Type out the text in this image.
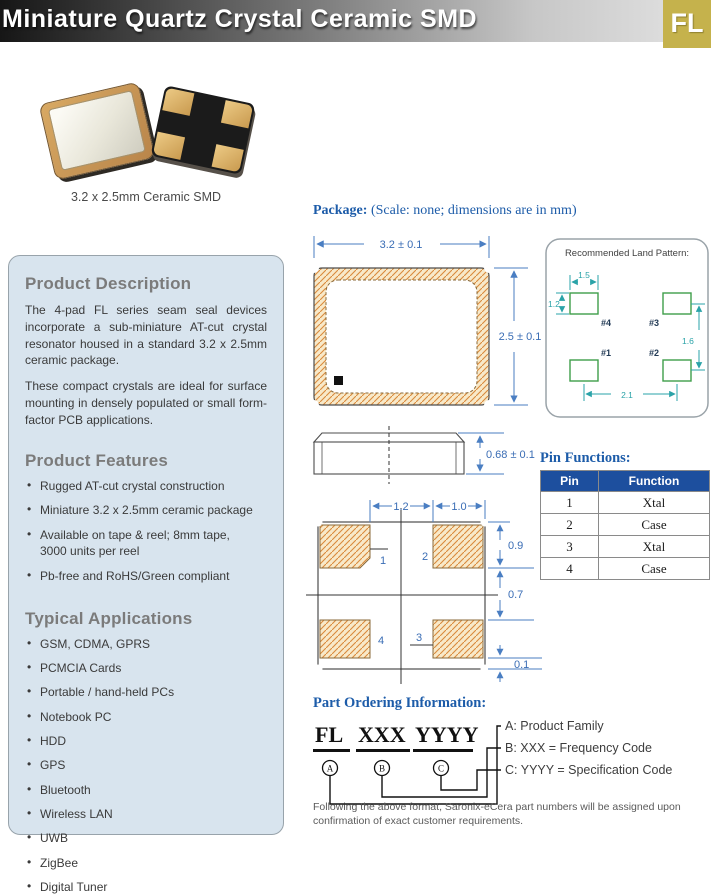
Miniature Quartz Crystal Ceramic SMD	FL
3.2 x 2.5mm Ceramic SMD
Product Description

The 4-pad FL series seam seal devices incorporate a sub-miniature AT-cut crystal resonator housed in a standard 3.2 x 2.5mm ceramic package.

These compact crystals are ideal for surface mounting in densely populated or small form-factor PCB applications.

Product Features
• Rugged AT-cut crystal construction
• Miniature 3.2 x 2.5mm ceramic package
• Available on tape & reel; 8mm tape, 3000 units per reel
• Pb-free and RoHS/Green compliant
Typical Applications
• GSM, CDMA, GPRS
• PCMCIA Cards
• Portable / hand-held PCs
• Notebook PC
• HDD
• GPS
• Bluetooth
• Wireless LAN
• UWB
• ZigBee
• Digital Tuner
Package: (Scale: none; dimensions are in mm)
3.2 ± 0.1
2.5 ± 0.1
0.68 ± 0.1
1	2
4	3
1.2	1.0
0.9
0.7
0.1
Recommended Land Pattern:
#4	#3
#1	#2
1.5
1.2
1.6
2.1
Pin Functions:
Pin	Function
1	Xtal
2	Case
3	Xtal
4	Case
Part Ordering Information:
FL XXX YYYY
A	B	C
A: Product Family
B: XXX = Frequency Code
C: YYYY = Specification Code
Following the above format, Saronix-eCera part numbers will be assigned upon confirmation of exact customer requirements.
